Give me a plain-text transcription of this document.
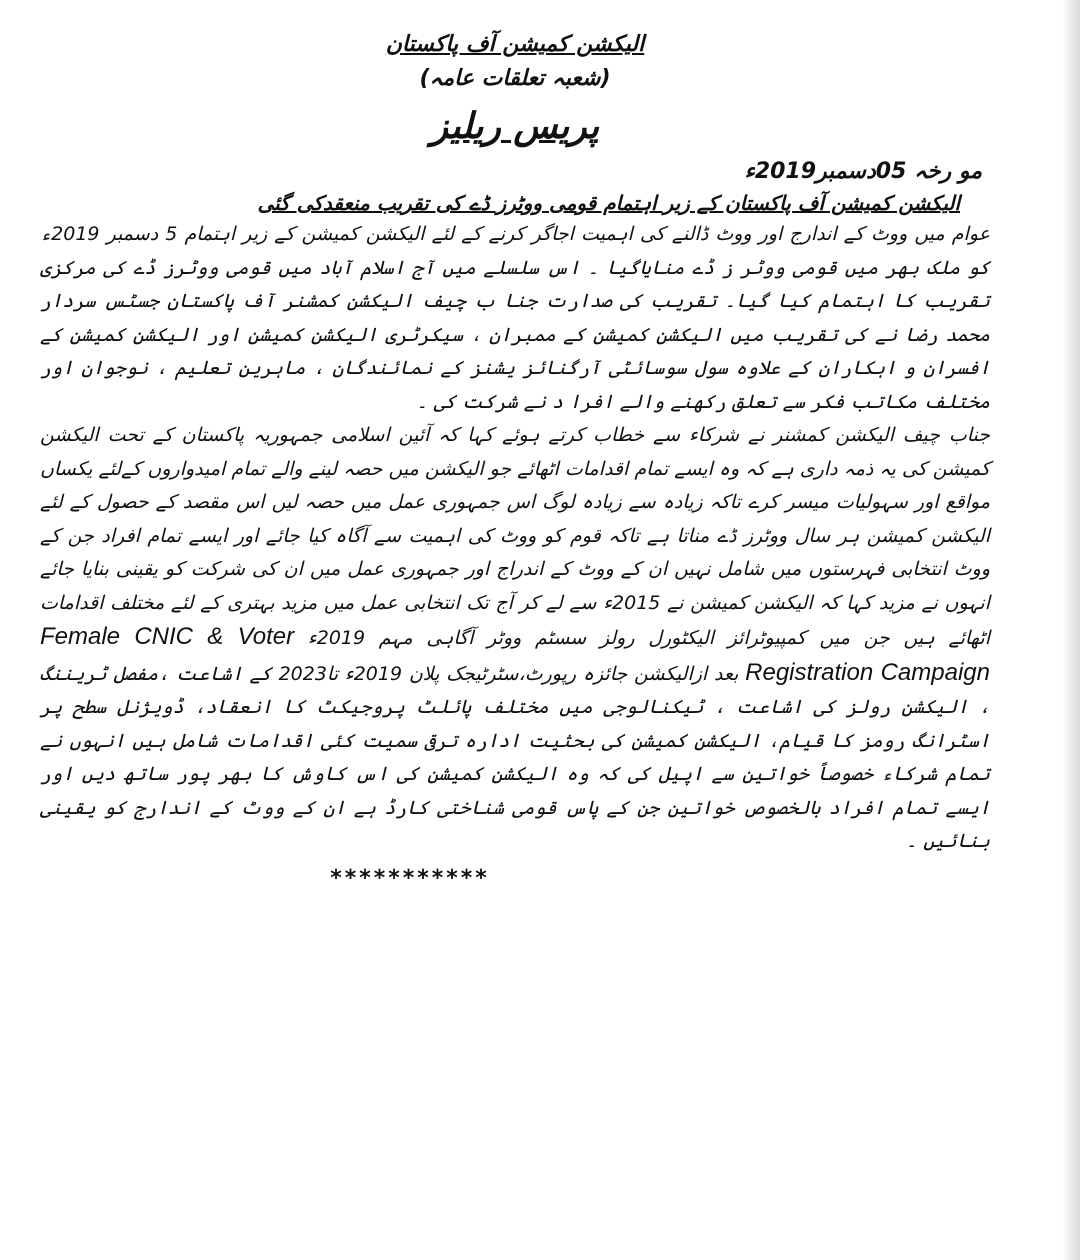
الیکشن کمیشن آف پاکستان

(شعبہ تعلقات عامہ)

پریس ریلیز

مو رخہ 05دسمبر2019ء

الیکشن کمیشن آف پاکستان کے زیر اہتمام قومی ووٹرز ڈے کی تقریب منعقدکی گئی

عوام میں ووٹ کے اندارج اور ووٹ ڈالنے کی اہمیت اجاگر کرنے کے لئے الیکشن کمیشن کے زیر اہتمام 5 دسمبر 2019ء کو ملک بھر میں قومی ووٹر ز ڈے منایاگیا ۔ اس سلسلے میں آج اسلام آباد میں قومی ووٹرز ڈے کی مرکزی تقریب کا اہتمام کیا گیا۔ تقریب کی صدارت جنا ب چیف الیکشن کمشنر آف پاکستان جسٹس سردار محمد رضا نے کی تقریب میں الیکشن کمیشن کے ممبران ، سیکرٹری الیکشن کمیشن اور الیکشن کمیشن کے افسران و اہکاران کے علاوہ سول سوسائٹی آرگنائز یشنز کے نمائندگان ، ماہرین تعلیم ، نوجوان اور مختلف مکاتب فکر سے تعلق رکھنے والے افرا د نے شرکت کی ۔

جناب چیف الیکشن کمشنر نے شرکاء سے خطاب کرتے ہوئے کہا کہ آئین اسلامی جمہوریہ پاکستان کے تحت الیکشن کمیشن کی یہ ذمہ داری ہے کہ وہ ایسے تمام اقدامات اٹھائے جو الیکشن میں حصہ لینے والے تمام امیدواروں کےلئے یکساں مواقع اور سہولیات میسر کرے تاکہ زیادہ سے زیادہ لوگ اس جمہوری عمل میں حصہ لیں اس مقصد کے حصول کے لئے الیکشن کمیشن ہر سال ووٹرز ڈے مناتا ہے تاکہ قوم کو ووٹ کی اہمیت سے آگاہ کیا جائے اور ایسے تمام افراد جن کے ووٹ انتخابی فہرستوں میں شامل نہیں ان کے ووٹ کے اندراج اور جمہوری عمل میں ان کی شرکت کو یقینی بنایا جائے انہوں نے مزید کہا کہ الیکشن کمیشن نے 2015ء سے لے کر آج تک انتخابی عمل میں مزید بہتری کے لئے مختلف اقدامات اٹھائے ہیں جن میں کمپیوٹرائز الیکٹورل رولز سسٹم ووٹر آگاہی مہم 2019ء Female CNIC & Voter Registration Campaign بعد ازالیکشن جائزہ رپورٹ،سٹرٹیجک پلان 2019ء تا2023 کے اشاعت ،مفصل ٹریننگ ، الیکشن رولز کی اشاعت ، ٹیکنالوجی میں مختلف پائلٹ پروجیکٹ کا انعقاد، ڈویژنل سطح پر اسٹرانگ رومز کا قیام، الیکشن کمیشن کی بحثیت ادارہ ترقی سمیت کئی اقدامات شامل ہیں انہوں نے تمام شرکاء خصوصاً خواتین سے اپیل کی کہ وہ الیکشن کمیشن کی اس کاوش کا بھر پور ساتھ دیں اور ایسے تمام افراد بالخصوص خواتین جن کے پاس قومی شناختی کارڈ ہے ان کے ووٹ کے اندارج کو یقینی بنائیں ۔

***********
